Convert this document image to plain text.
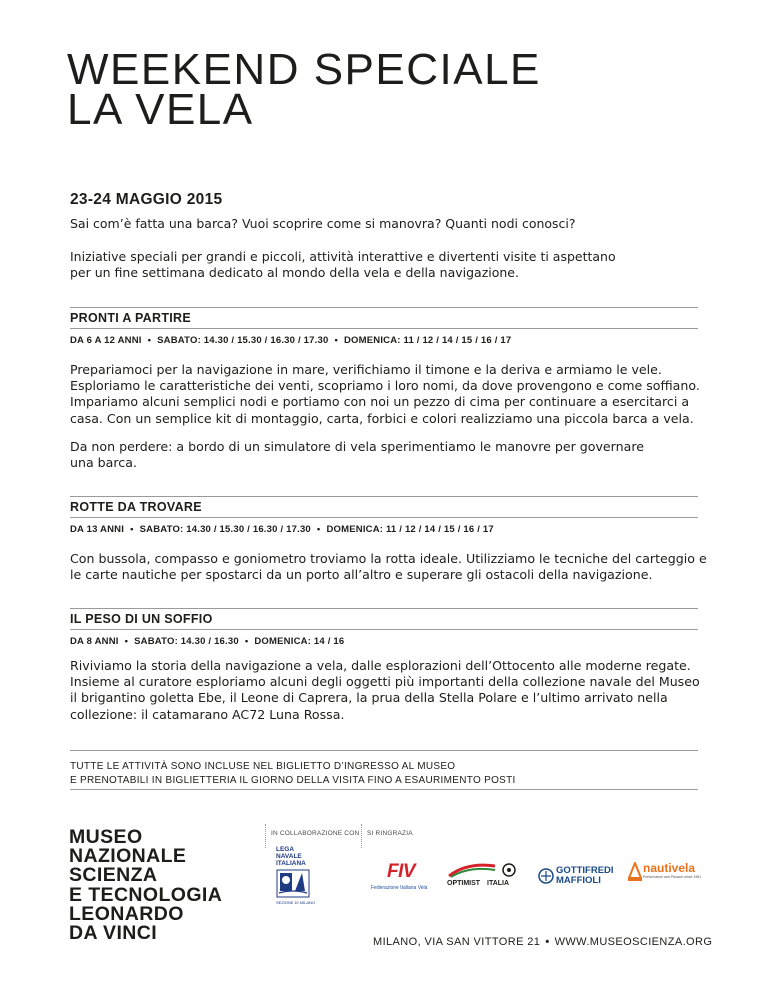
WEEKEND SPECIALE
LA VELA
23-24 MAGGIO 2015
Sai com’è fatta una barca? Vuoi scoprire come si manovra? Quanti nodi conosci?
Iniziative speciali per grandi e piccoli, attività interattive e divertenti visite ti aspettano per un fine settimana dedicato al mondo della vela e della navigazione.
PRONTI A PARTIRE
DA 6 A 12 ANNI • SABATO: 14.30 / 15.30 / 16.30 / 17.30 • DOMENICA: 11 / 12 / 14 / 15 / 16 / 17
Prepariamoci per la navigazione in mare, verifichiamo il timone e la deriva e armiamo le vele. Esploriamo le caratteristiche dei venti, scopriamo i loro nomi, da dove provengono e come soffiano. Impariamo alcuni semplici nodi e portiamo con noi un pezzo di cima per continuare a esercitarci a casa. Con un semplice kit di montaggio, carta, forbici e colori realizziamo una piccola barca a vela.
Da non perdere: a bordo di un simulatore di vela sperimentiamo le manovre per governare una barca.
ROTTE DA TROVARE
DA 13 ANNI • SABATO: 14.30 / 15.30 / 16.30 / 17.30 • DOMENICA: 11 / 12 / 14 / 15 / 16 / 17
Con bussola, compasso e goniometro troviamo la rotta ideale. Utilizziamo le tecniche del carteggio e le carte nautiche per spostarci da un porto all’altro e superare gli ostacoli della navigazione.
IL PESO DI UN SOFFIO
DA 8 ANNI • SABATO: 14.30 / 16.30 • DOMENICA: 14 / 16
Riviviamo la storia della navigazione a vela, dalle esplorazioni dell’Ottocento alle moderne regate. Insieme al curatore esploriamo alcuni degli oggetti più importanti della collezione navale del Museo il brigantino goletta Ebe, il Leone di Caprera, la prua della Stella Polare e l’ultimo arrivato nella collezione: il catamarano AC72 Luna Rossa.
TUTTE LE ATTIVITÀ SONO INCLUSE NEL BIGLIETTO D’INGRESSO AL MUSEO
E PRENOTABILI IN BIGLIETTERIA IL GIORNO DELLA VISITA FINO A ESAURIMENTO POSTI
MUSEO
NAZIONALE
SCIENZA
E TECNOLOGIA
LEONARDO
DA VINCI
IN COLLABORAZIONE CON SI RINGRAZIA
LEGA
NAVALE
ITALIANA
SEZIONE DI MILANO
FIV
Federazione Italiana Vela
OPTIMIST ITALIA
GOTTIFREDI
MAFFIOLI
nautivela
Performance and Passion since 1981
MILANO, VIA SAN VITTORE 21 • WWW.MUSEOSCIENZA.ORG
